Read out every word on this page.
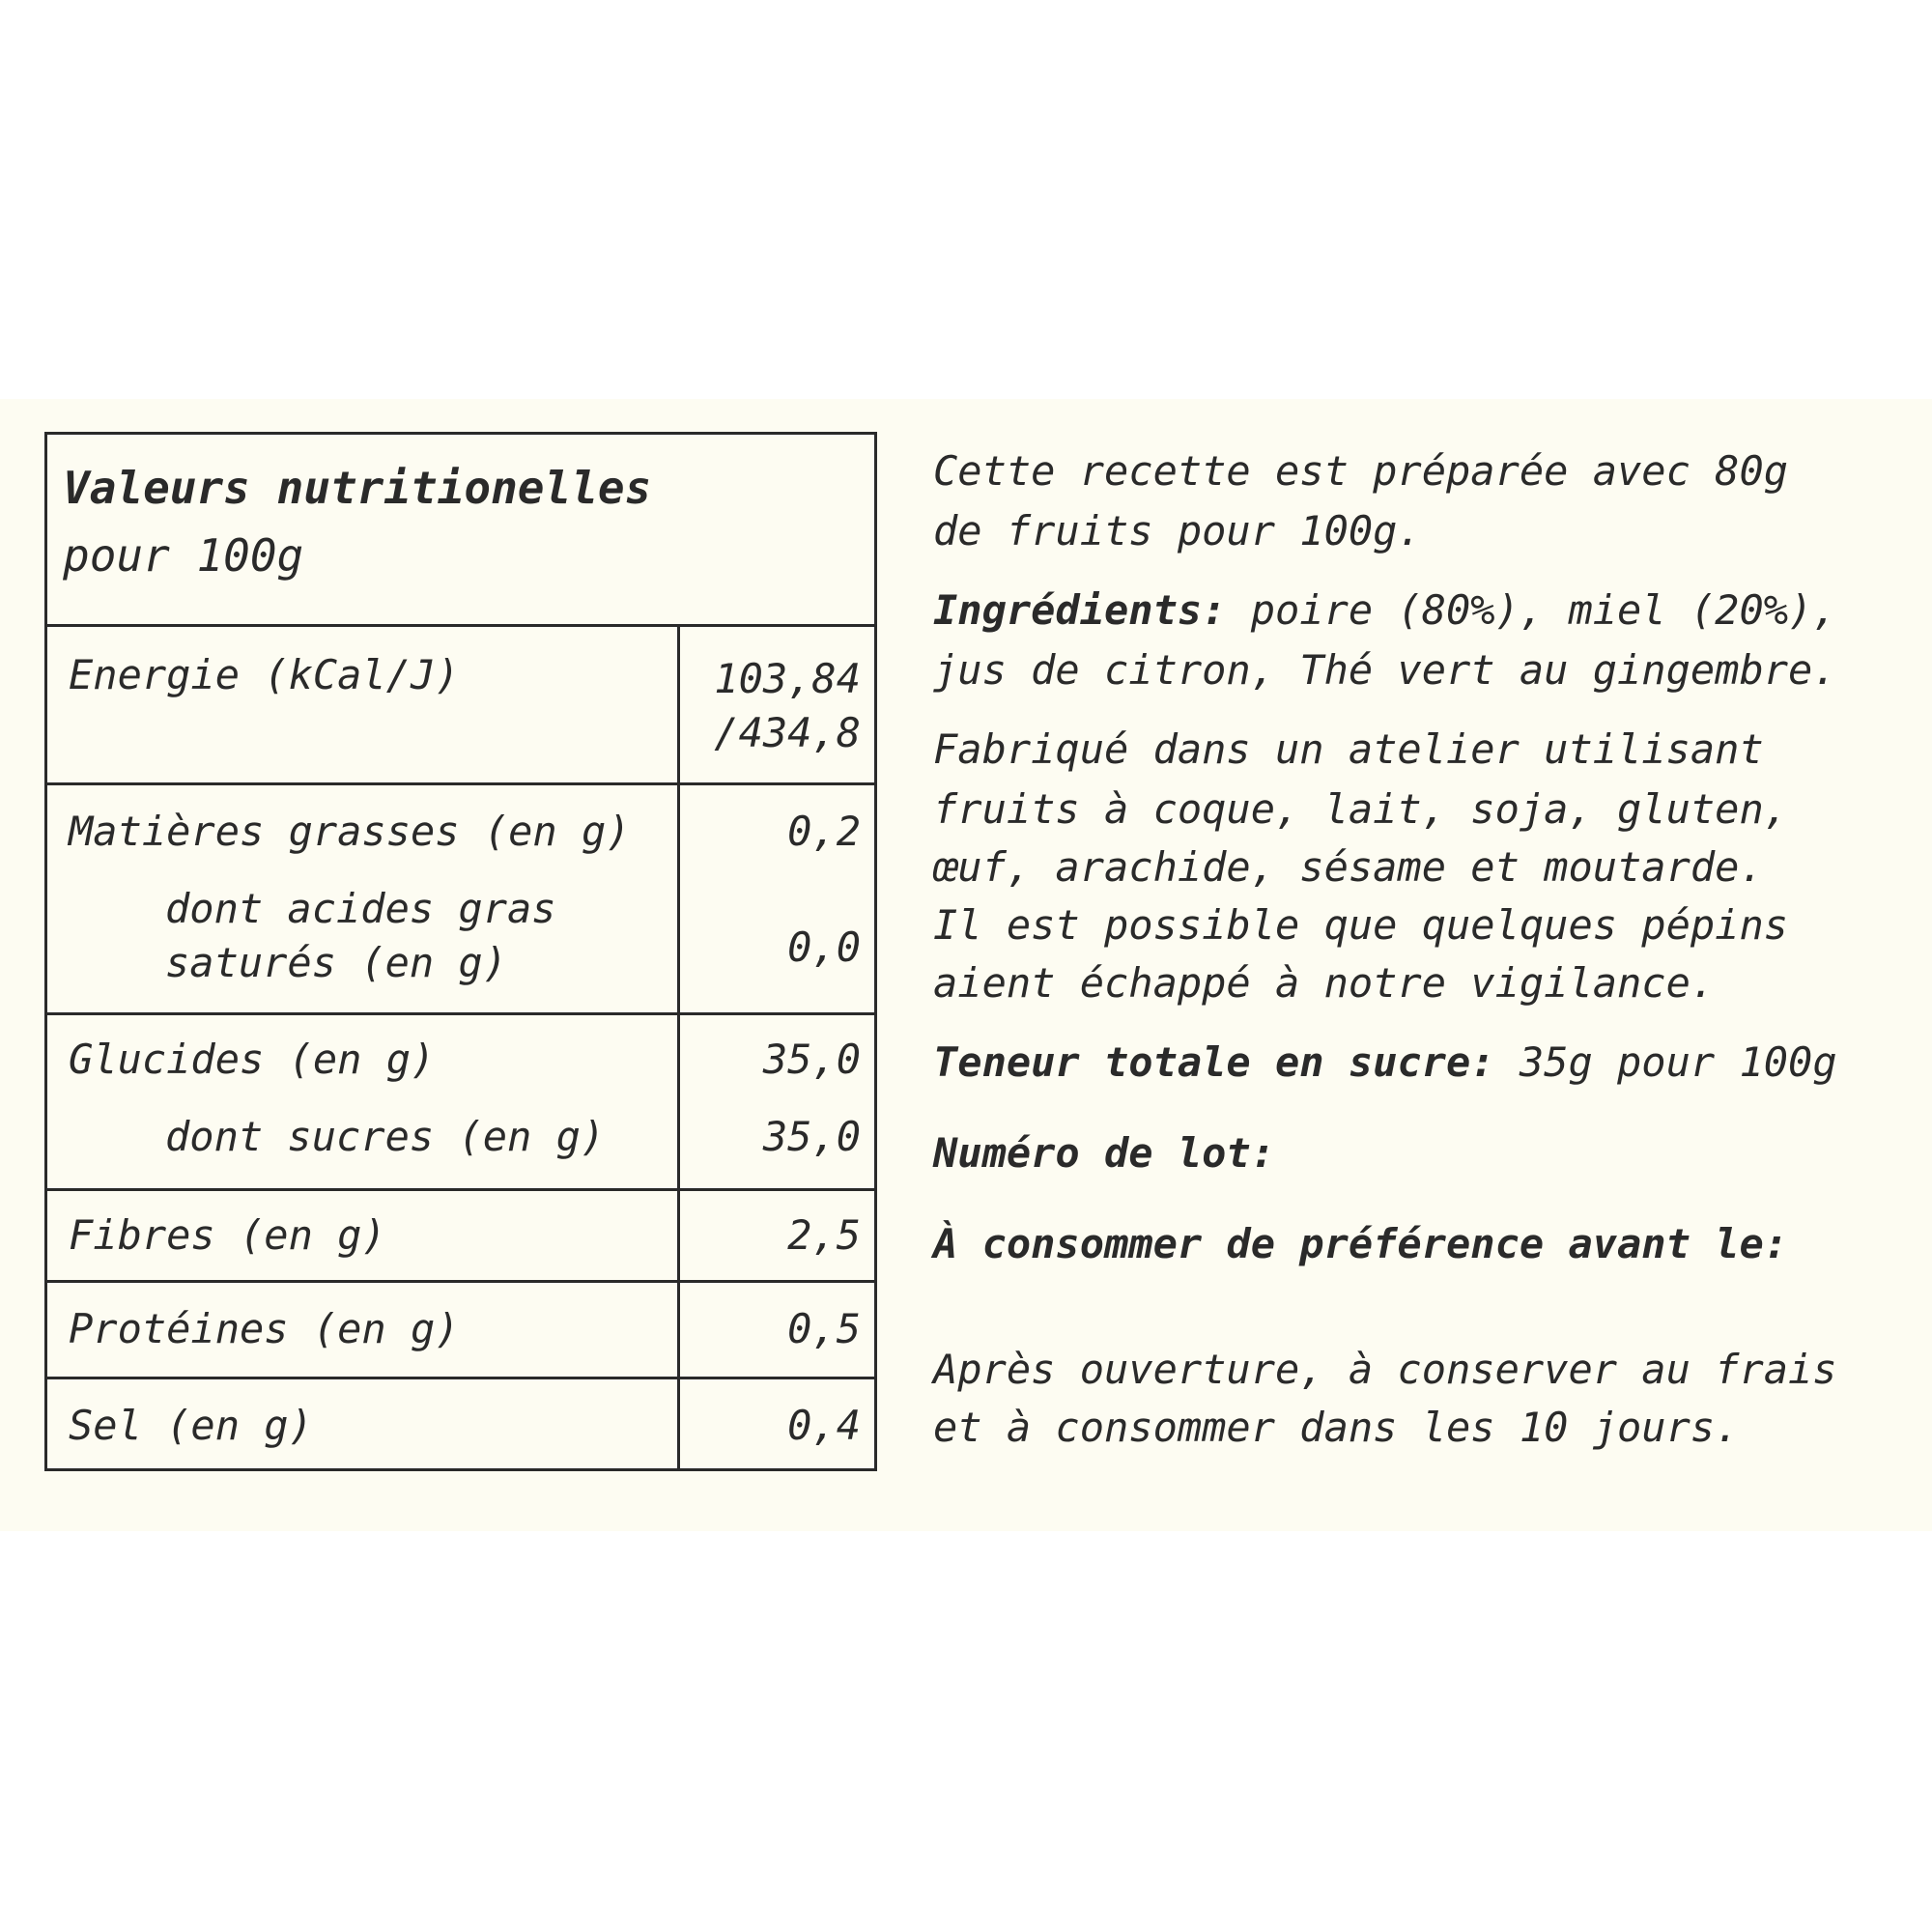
Valeurs nutritionelles
pour 100g
Energie (kCal/J)	103,84
/434,8
Matières grasses (en g)	0,2
dont acides gras
saturés (en g)	0,0
Glucides (en g)	35,0
dont sucres (en g)	35,0
Fibres (en g)	2,5
Protéines (en g)	0,5
Sel (en g)	0,4
Cette recette est préparée avec 80g
de fruits pour 100g.
Ingrédients: poire (80%), miel (20%),
jus de citron, Thé vert au gingembre.
Fabriqué dans un atelier utilisant
fruits à coque, lait, soja, gluten,
œuf, arachide, sésame et moutarde.
Il est possible que quelques pépins
aient échappé à notre vigilance.
Teneur totale en sucre: 35g pour 100g
Numéro de lot:
À consommer de préférence avant le:
Après ouverture, à conserver au frais
et à consommer dans les 10 jours.
